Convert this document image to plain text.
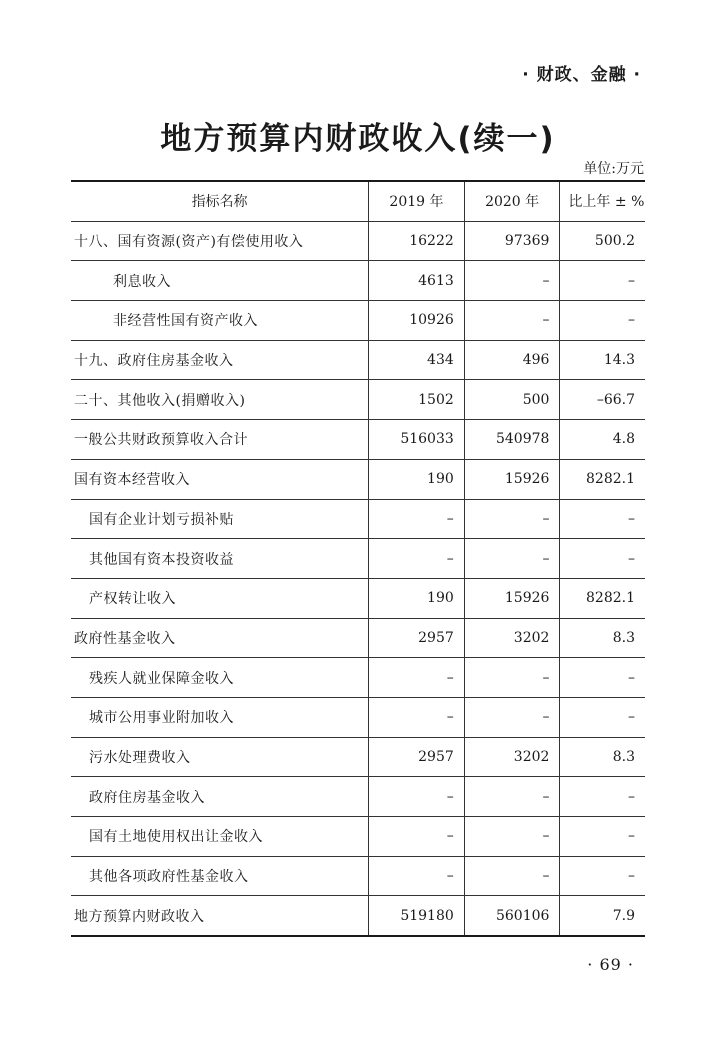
· 财政、金融 ·
地方预算内财政收入(续一)
单位:万元
指标名称	2019 年	2020 年	比上年 ± %
十八、国有资源(资产)有偿使用收入	16222	97369	500.2
利息收入	4613	–	–
非经营性国有资产收入	10926	–	–
十九、政府住房基金收入	434	496	14.3
二十、其他收入(捐赠收入)	1502	500	–66.7
一般公共财政预算收入合计	516033	540978	4.8
国有资本经营收入	190	15926	8282.1
国有企业计划亏损补贴	–	–	–
其他国有资本投资收益	–	–	–
产权转让收入	190	15926	8282.1
政府性基金收入	2957	3202	8.3
残疾人就业保障金收入	–	–	–
城市公用事业附加收入	–	–	–
污水处理费收入	2957	3202	8.3
政府住房基金收入	–	–	–
国有土地使用权出让金收入	–	–	–
其他各项政府性基金收入	–	–	–
地方预算内财政收入	519180	560106	7.9
· 69 ·
